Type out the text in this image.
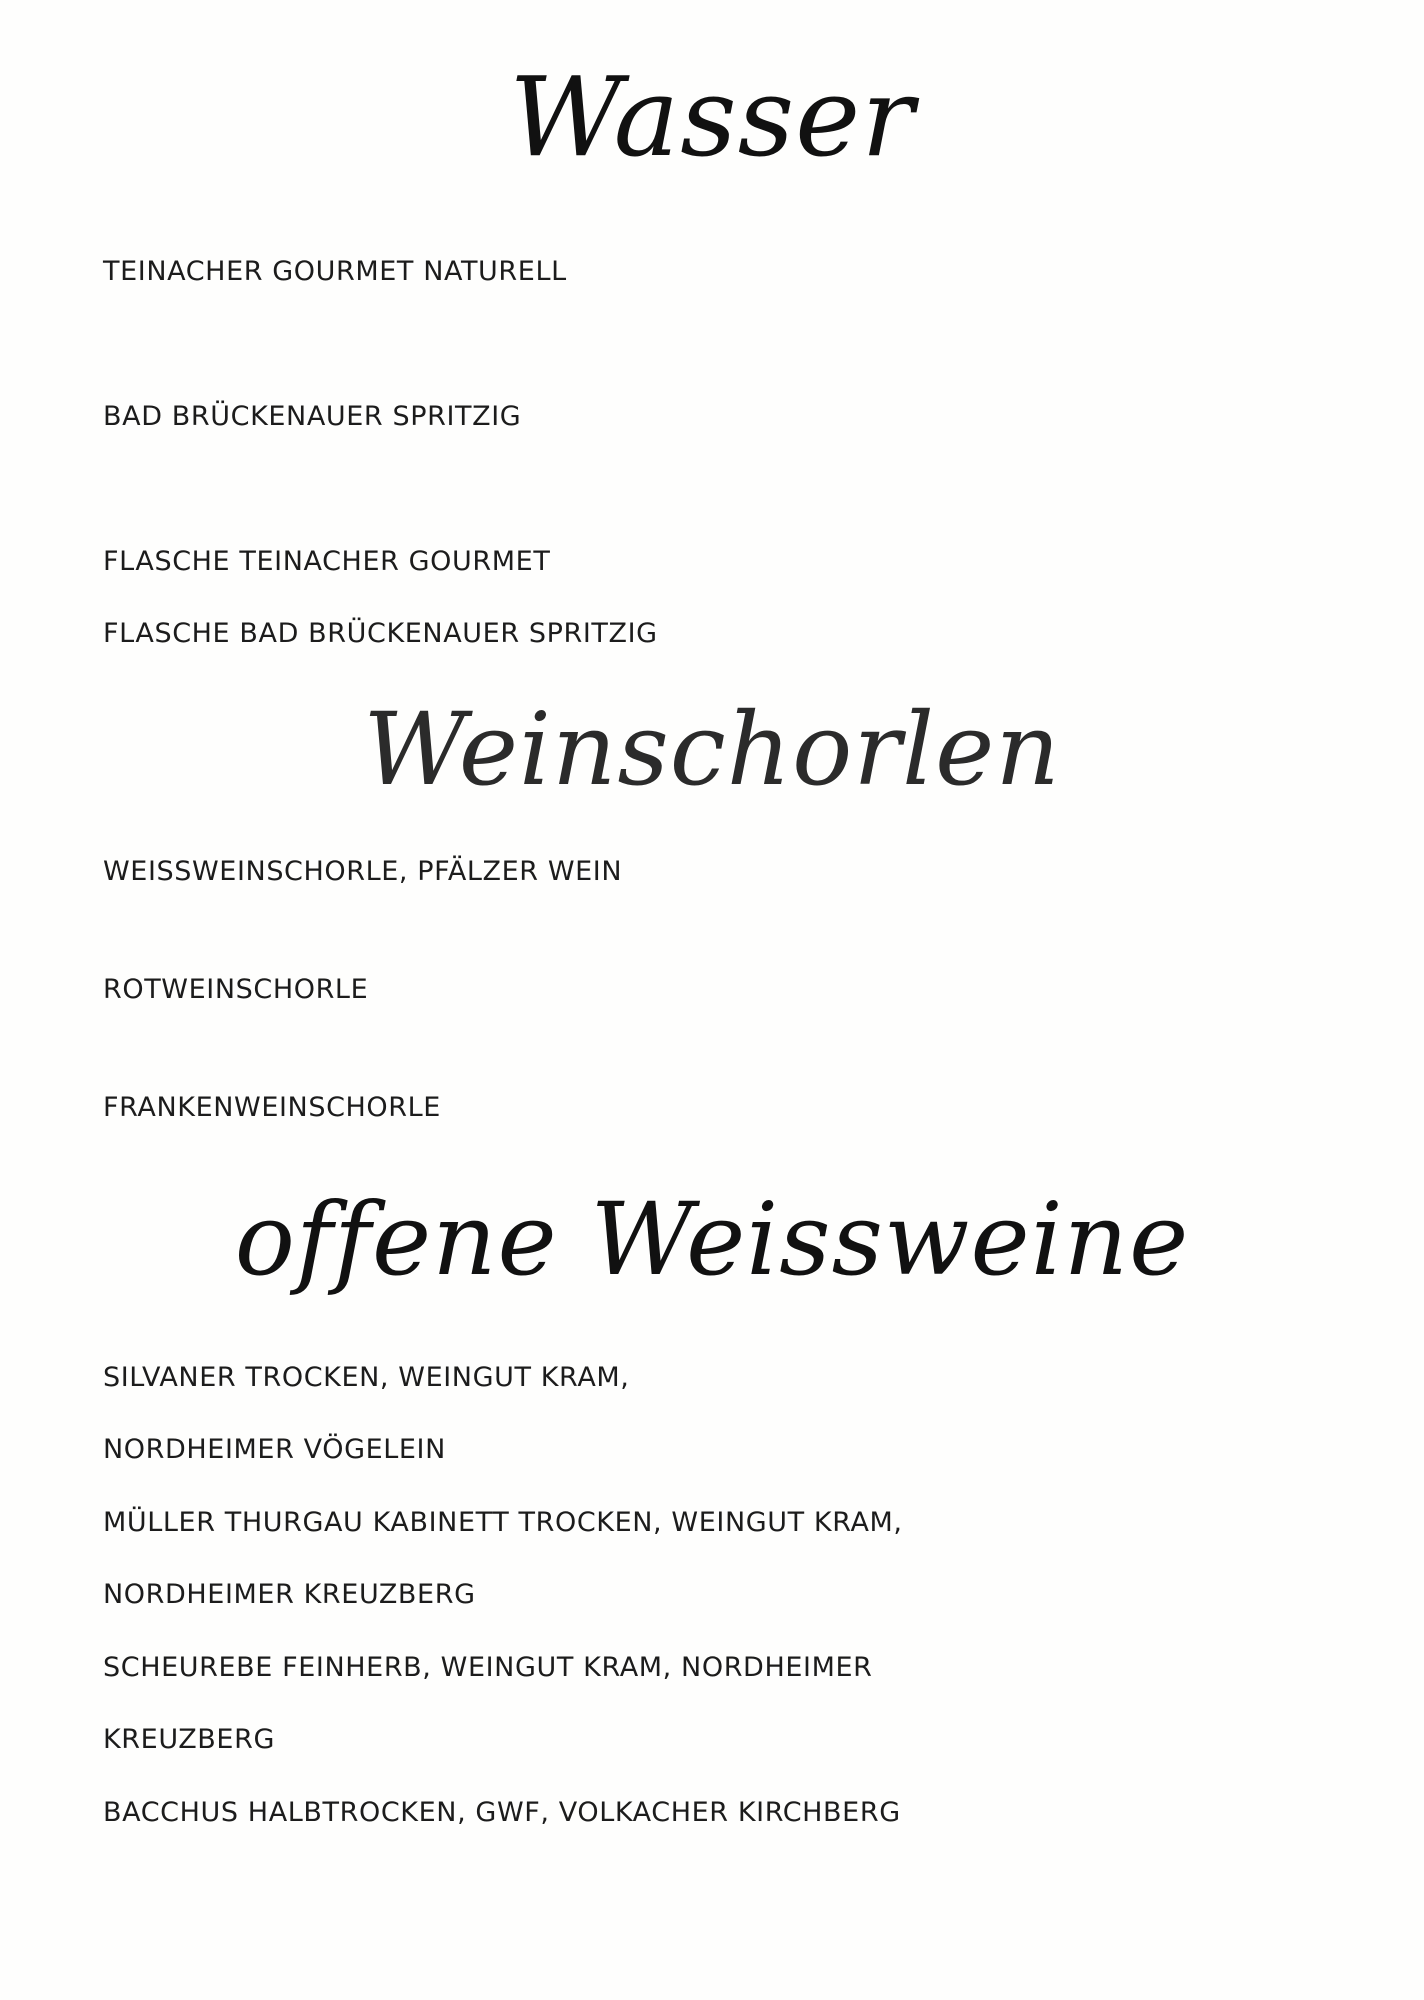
Wasser

TEINACHER GOURMET NATURELL

BAD BRÜCKENAUER SPRITZIG

FLASCHE TEINACHER GOURMET

FLASCHE BAD BRÜCKENAUER SPRITZIG

Weinschorlen

WEISSWEINSCHORLE, PFÄLZER WEIN

ROTWEINSCHORLE

FRANKENWEINSCHORLE

offene Weissweine

SILVANER TROCKEN, WEINGUT KRAM,

NORDHEIMER VÖGELEIN

MÜLLER THURGAU KABINETT TROCKEN, WEINGUT KRAM,

NORDHEIMER KREUZBERG

SCHEUREBE FEINHERB, WEINGUT KRAM, NORDHEIMER

KREUZBERG

BACCHUS HALBTROCKEN, GWF, VOLKACHER KIRCHBERG
